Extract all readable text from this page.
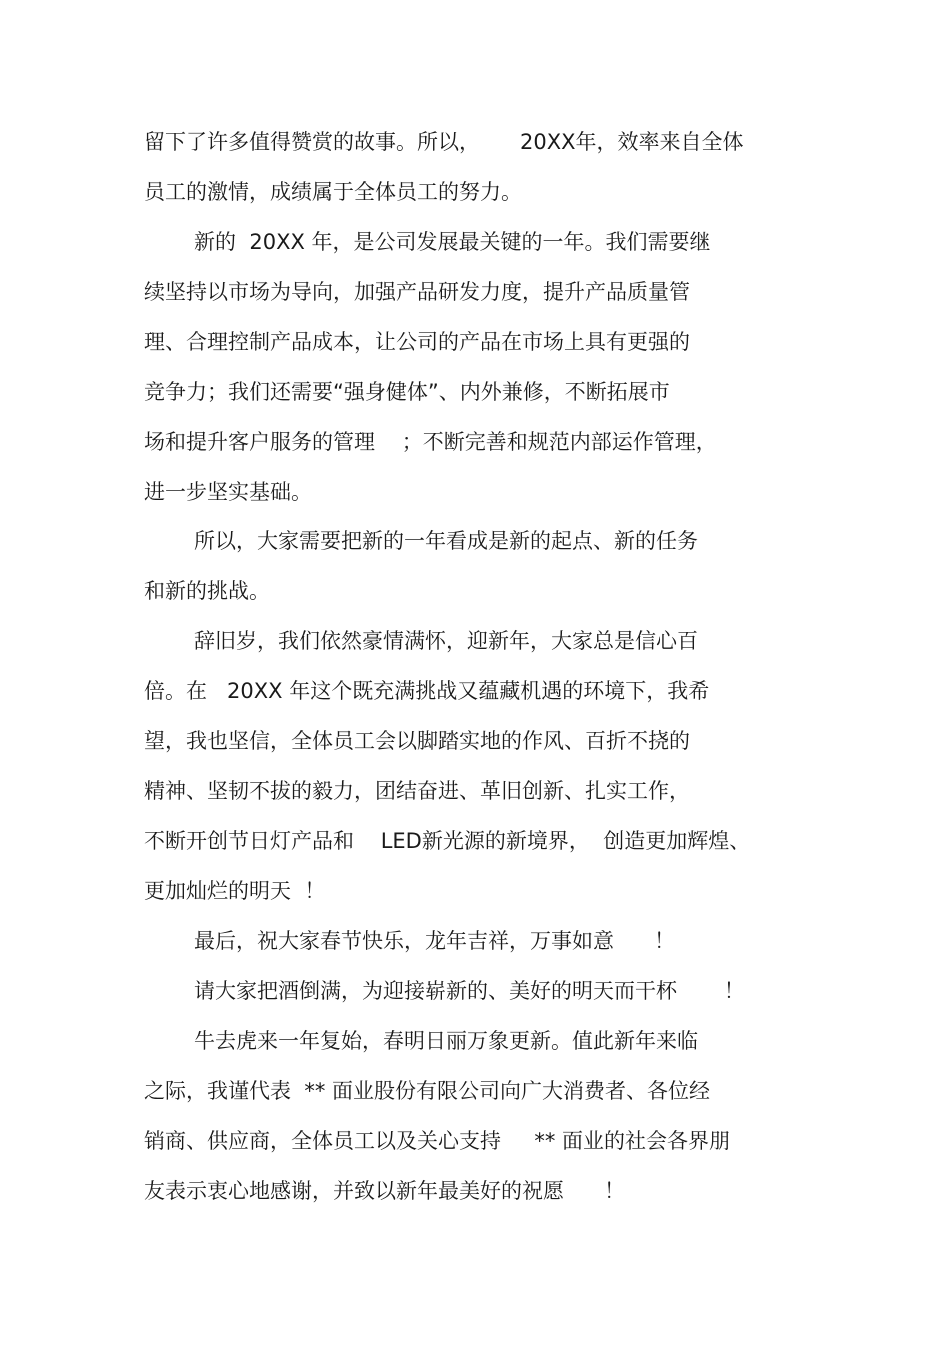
留下了许多值得赞赏的故事。所以，      20XX年，效率来自全体
员工的激情，成绩属于全体员工的努力。
新的  20XX 年，是公司发展最关键的一年。我们需要继
续坚持以市场为导向，加强产品研发力度，提升产品质量管
理、合理控制产品成本，让公司的产品在市场上具有更强的
竞争力；我们还需要“强身健体”、内外兼修，不断拓展市
场和提升客户服务的管理    ；不断完善和规范内部运作管理，
进一步坚实基础。
所以，大家需要把新的一年看成是新的起点、新的任务
和新的挑战。
辞旧岁，我们依然豪情满怀，迎新年，大家总是信心百
倍。在   20XX 年这个既充满挑战又蕴藏机遇的环境下，我希
望，我也坚信，全体员工会以脚踏实地的作风、百折不挠的
精神、坚韧不拔的毅力，团结奋进、革旧创新、扎实工作，
不断开创节日灯产品和    LED新光源的新境界，  创造更加辉煌、
更加灿烂的明天  ！
最后，祝大家春节快乐，龙年吉祥，万事如意      ！
请大家把酒倒满，为迎接崭新的、美好的明天而干杯       ！
牛去虎来一年复始，春明日丽万象更新。值此新年来临
之际，我谨代表  ** 面业股份有限公司向广大消费者、各位经
销商、供应商，全体员工以及关心支持     ** 面业的社会各界朋
友表示衷心地感谢，并致以新年最美好的祝愿      ！
